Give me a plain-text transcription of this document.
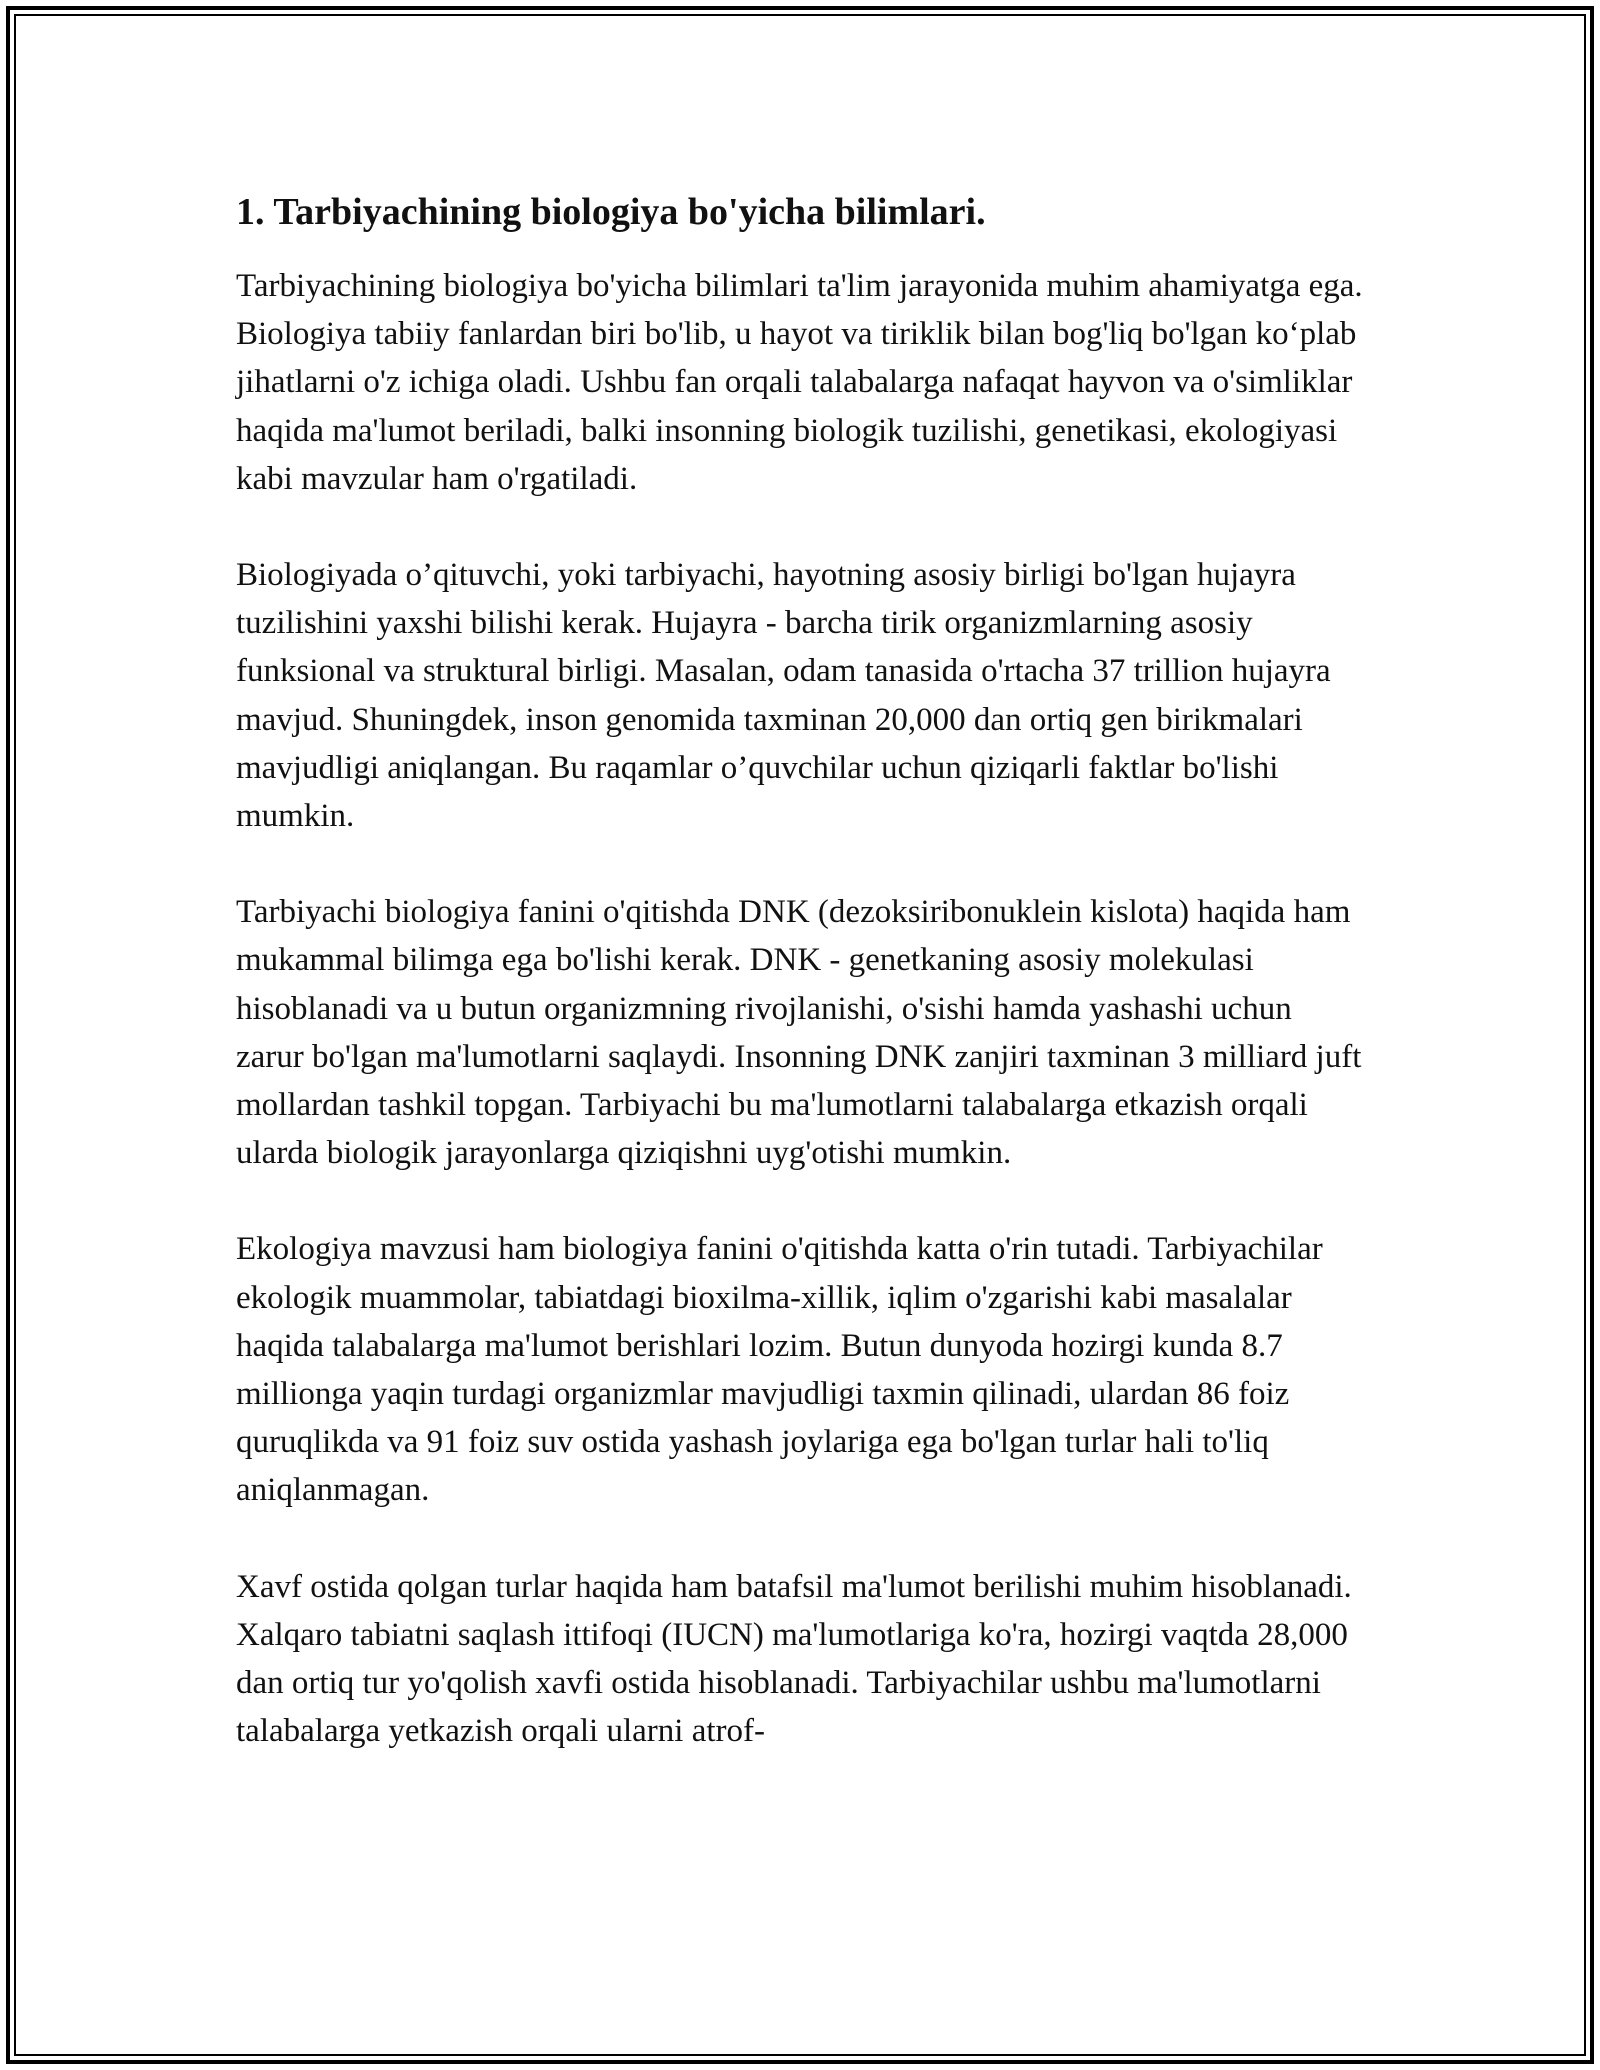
1. Tarbiyachining biologiya bo'yicha bilimlari.

Tarbiyachining biologiya bo'yicha bilimlari ta'lim jarayonida muhim ahamiyatga ega. Biologiya tabiiy fanlardan biri bo'lib, u hayot va tiriklik bilan bog'liq bo'lgan ko‘plab jihatlarni o'z ichiga oladi. Ushbu fan orqali talabalarga nafaqat hayvon va o'simliklar haqida ma'lumot beriladi, balki insonning biologik tuzilishi, genetikasi, ekologiyasi kabi mavzular ham o'rgatiladi.

Biologiyada o’qituvchi, yoki tarbiyachi, hayotning asosiy birligi bo'lgan hujayra tuzilishini yaxshi bilishi kerak. Hujayra - barcha tirik organizmlarning asosiy funksional va struktural birligi. Masalan, odam tanasida o'rtacha 37 trillion hujayra mavjud. Shuningdek, inson genomida taxminan 20,000 dan ortiq gen birikmalari mavjudligi aniqlangan. Bu raqamlar o’quvchilar uchun qiziqarli faktlar bo'lishi mumkin.

Tarbiyachi biologiya fanini o'qitishda DNK (dezoksiribonuklein kislota) haqida ham mukammal bilimga ega bo'lishi kerak. DNK - genetkaning asosiy molekulasi hisoblanadi va u butun organizmning rivojlanishi, o'sishi hamda yashashi uchun zarur bo'lgan ma'lumotlarni saqlaydi. Insonning DNK zanjiri taxminan 3 milliard juft mollardan tashkil topgan. Tarbiyachi bu ma'lumotlarni talabalarga etkazish orqali ularda biologik jarayonlarga qiziqishni uyg'otishi mumkin.

Ekologiya mavzusi ham biologiya fanini o'qitishda katta o'rin tutadi. Tarbiyachilar ekologik muammolar, tabiatdagi bioxilma-xillik, iqlim o'zgarishi kabi masalalar haqida talabalarga ma'lumot berishlari lozim. Butun dunyoda hozirgi kunda 8.7 millionga yaqin turdagi organizmlar mavjudligi taxmin qilinadi, ulardan 86 foiz quruqlikda va 91 foiz suv ostida yashash joylariga ega bo'lgan turlar hali to'liq aniqlanmagan.

Xavf ostida qolgan turlar haqida ham batafsil ma'lumot berilishi muhim hisoblanadi. Xalqaro tabiatni saqlash ittifoqi (IUCN) ma'lumotlariga ko'ra, hozirgi vaqtda 28,000 dan ortiq tur yo'qolish xavfi ostida hisoblanadi. Tarbiyachilar ushbu ma'lumotlarni talabalarga yetkazish orqali ularni atrof-
